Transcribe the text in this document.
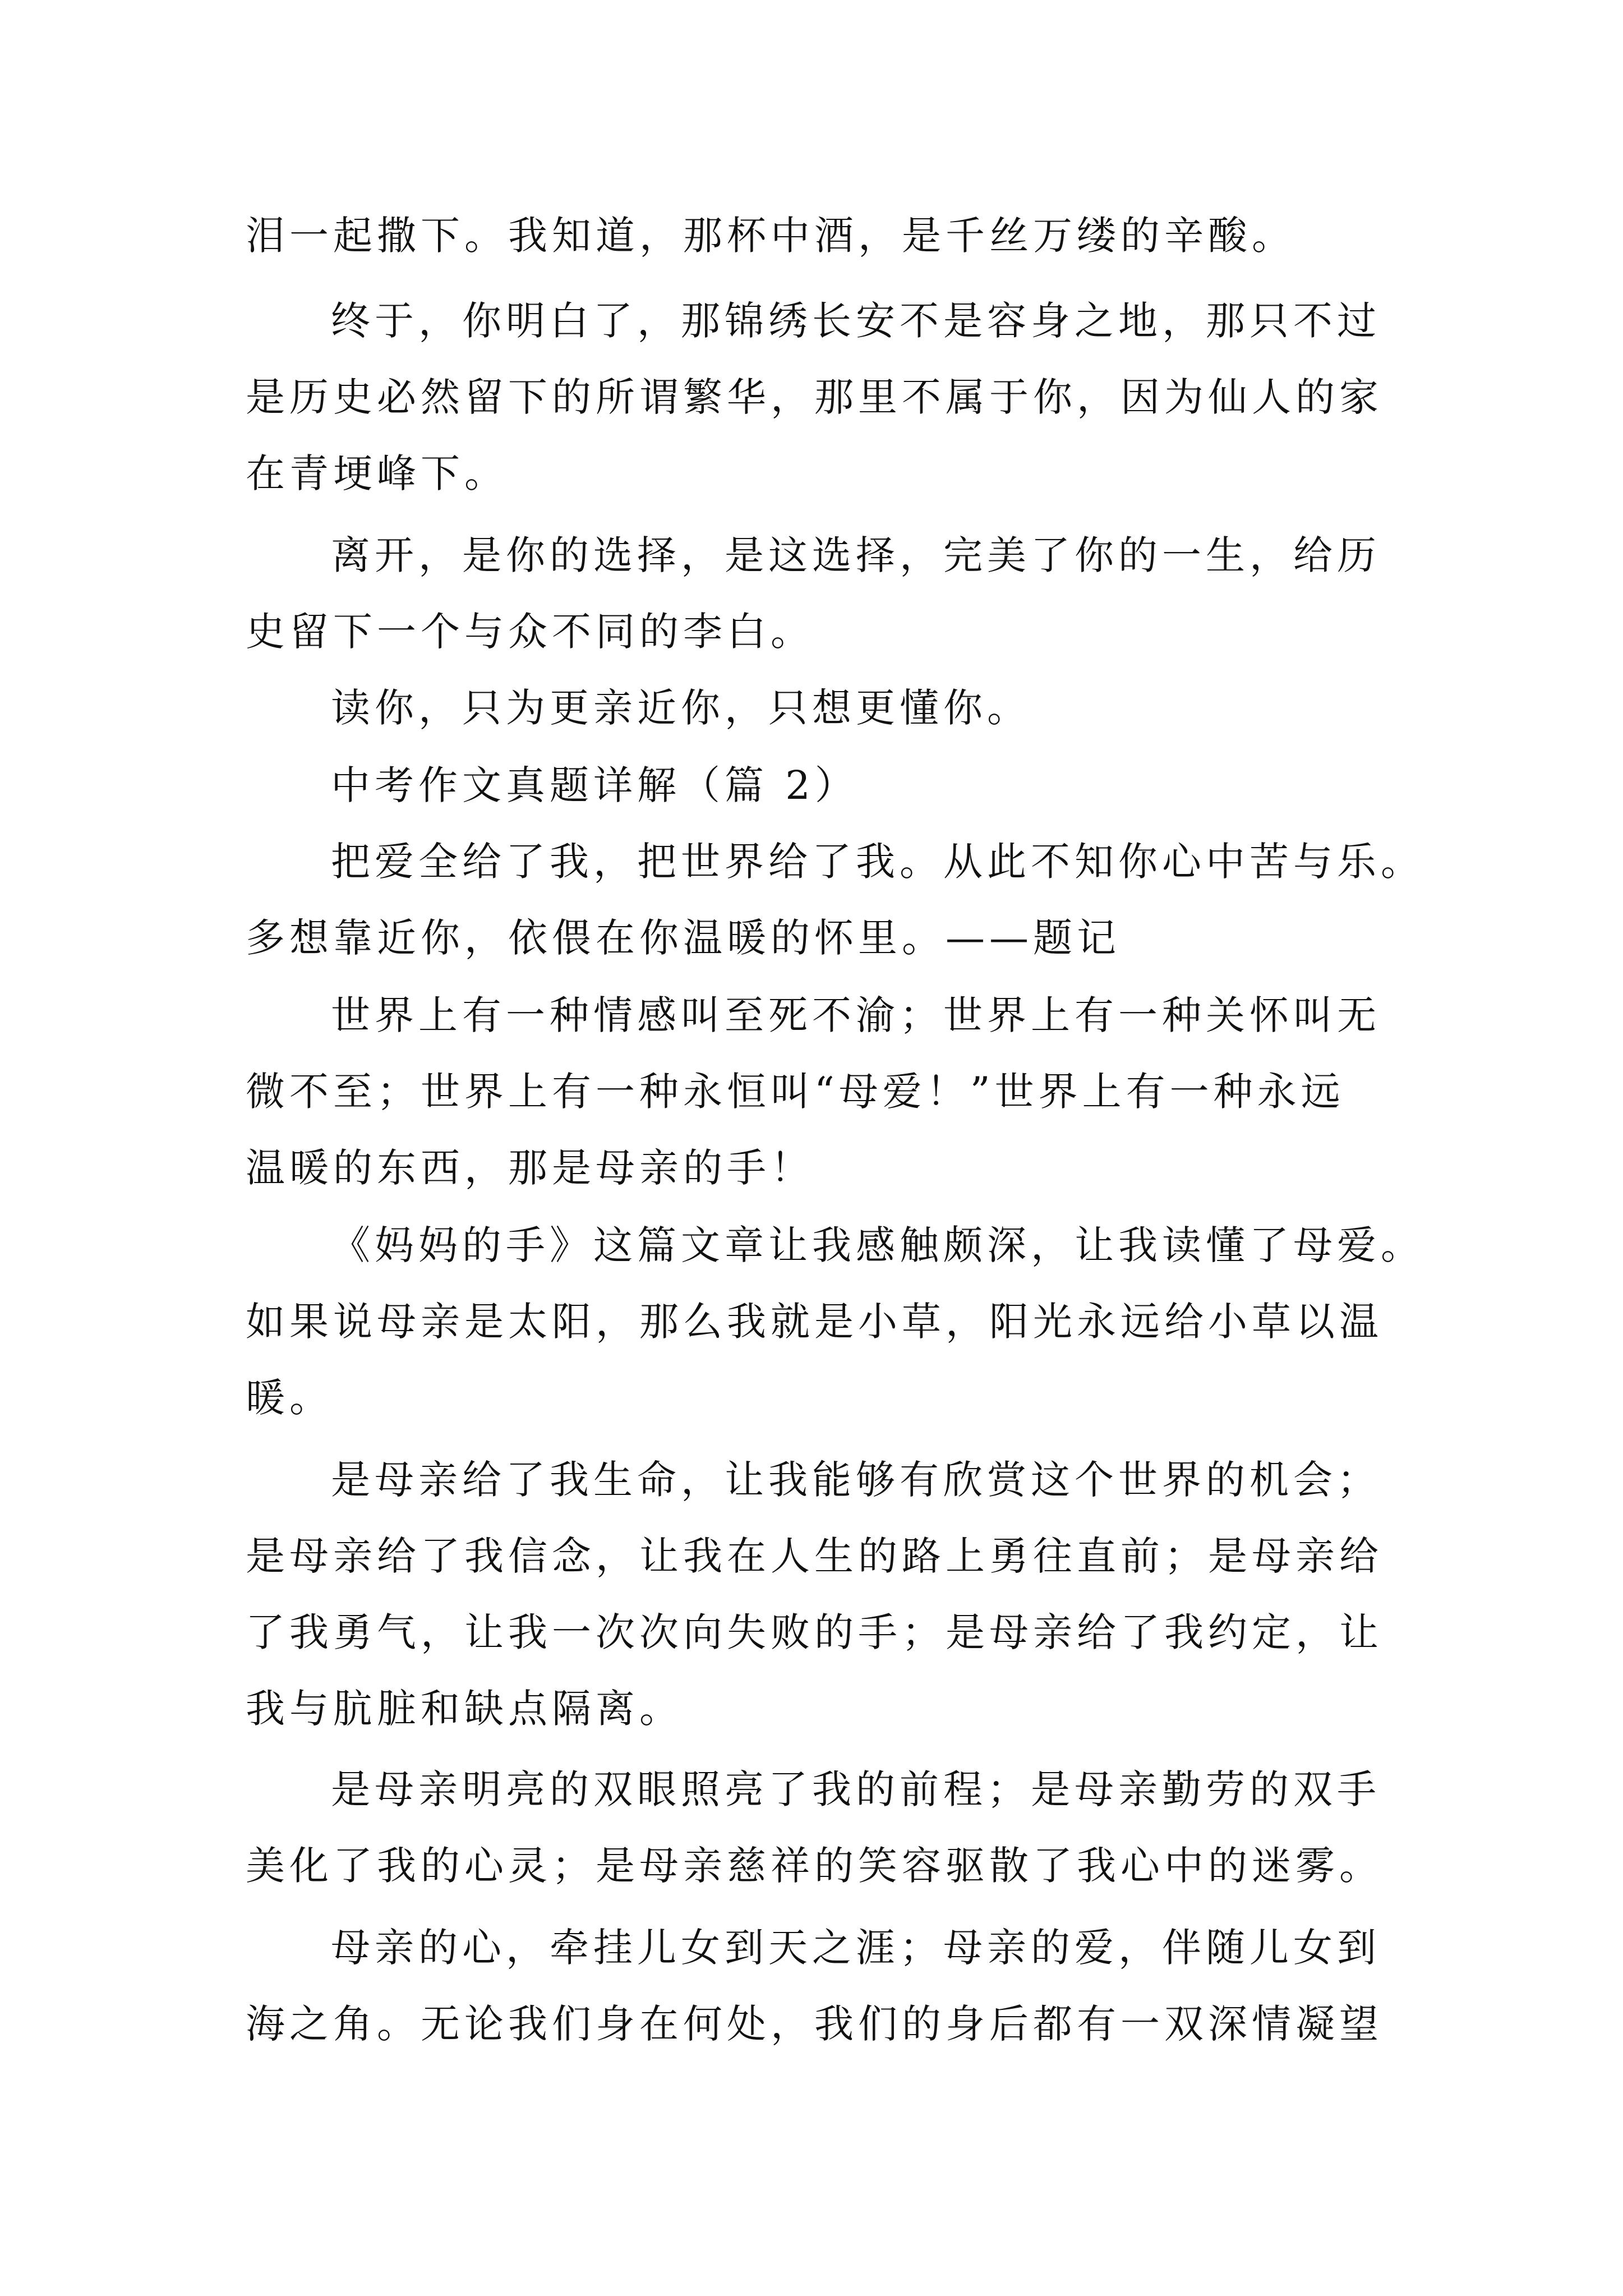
泪一起撒下。我知道，那杯中酒，是千丝万缕的辛酸。
终于，你明白了，那锦绣长安不是容身之地，那只不过
是历史必然留下的所谓繁华，那里不属于你，因为仙人的家
在青埂峰下。
离开，是你的选择，是这选择，完美了你的一生，给历
史留下一个与众不同的李白。
读你，只为更亲近你，只想更懂你。
中考作文真题详解（篇 2）
把爱全给了我，把世界给了我。从此不知你心中苦与乐。
多想靠近你，依偎在你温暖的怀里。——题记
世界上有一种情感叫至死不渝；世界上有一种关怀叫无
微不至；世界上有一种永恒叫“母爱！”世界上有一种永远
温暖的东西，那是母亲的手！
《妈妈的手》这篇文章让我感触颇深，让我读懂了母爱。
如果说母亲是太阳，那么我就是小草，阳光永远给小草以温
暖。
是母亲给了我生命，让我能够有欣赏这个世界的机会；
是母亲给了我信念，让我在人生的路上勇往直前；是母亲给
了我勇气，让我一次次向失败的手；是母亲给了我约定，让
我与肮脏和缺点隔离。
是母亲明亮的双眼照亮了我的前程；是母亲勤劳的双手
美化了我的心灵；是母亲慈祥的笑容驱散了我心中的迷雾。
母亲的心，牵挂儿女到天之涯；母亲的爱，伴随儿女到
海之角。无论我们身在何处，我们的身后都有一双深情凝望
